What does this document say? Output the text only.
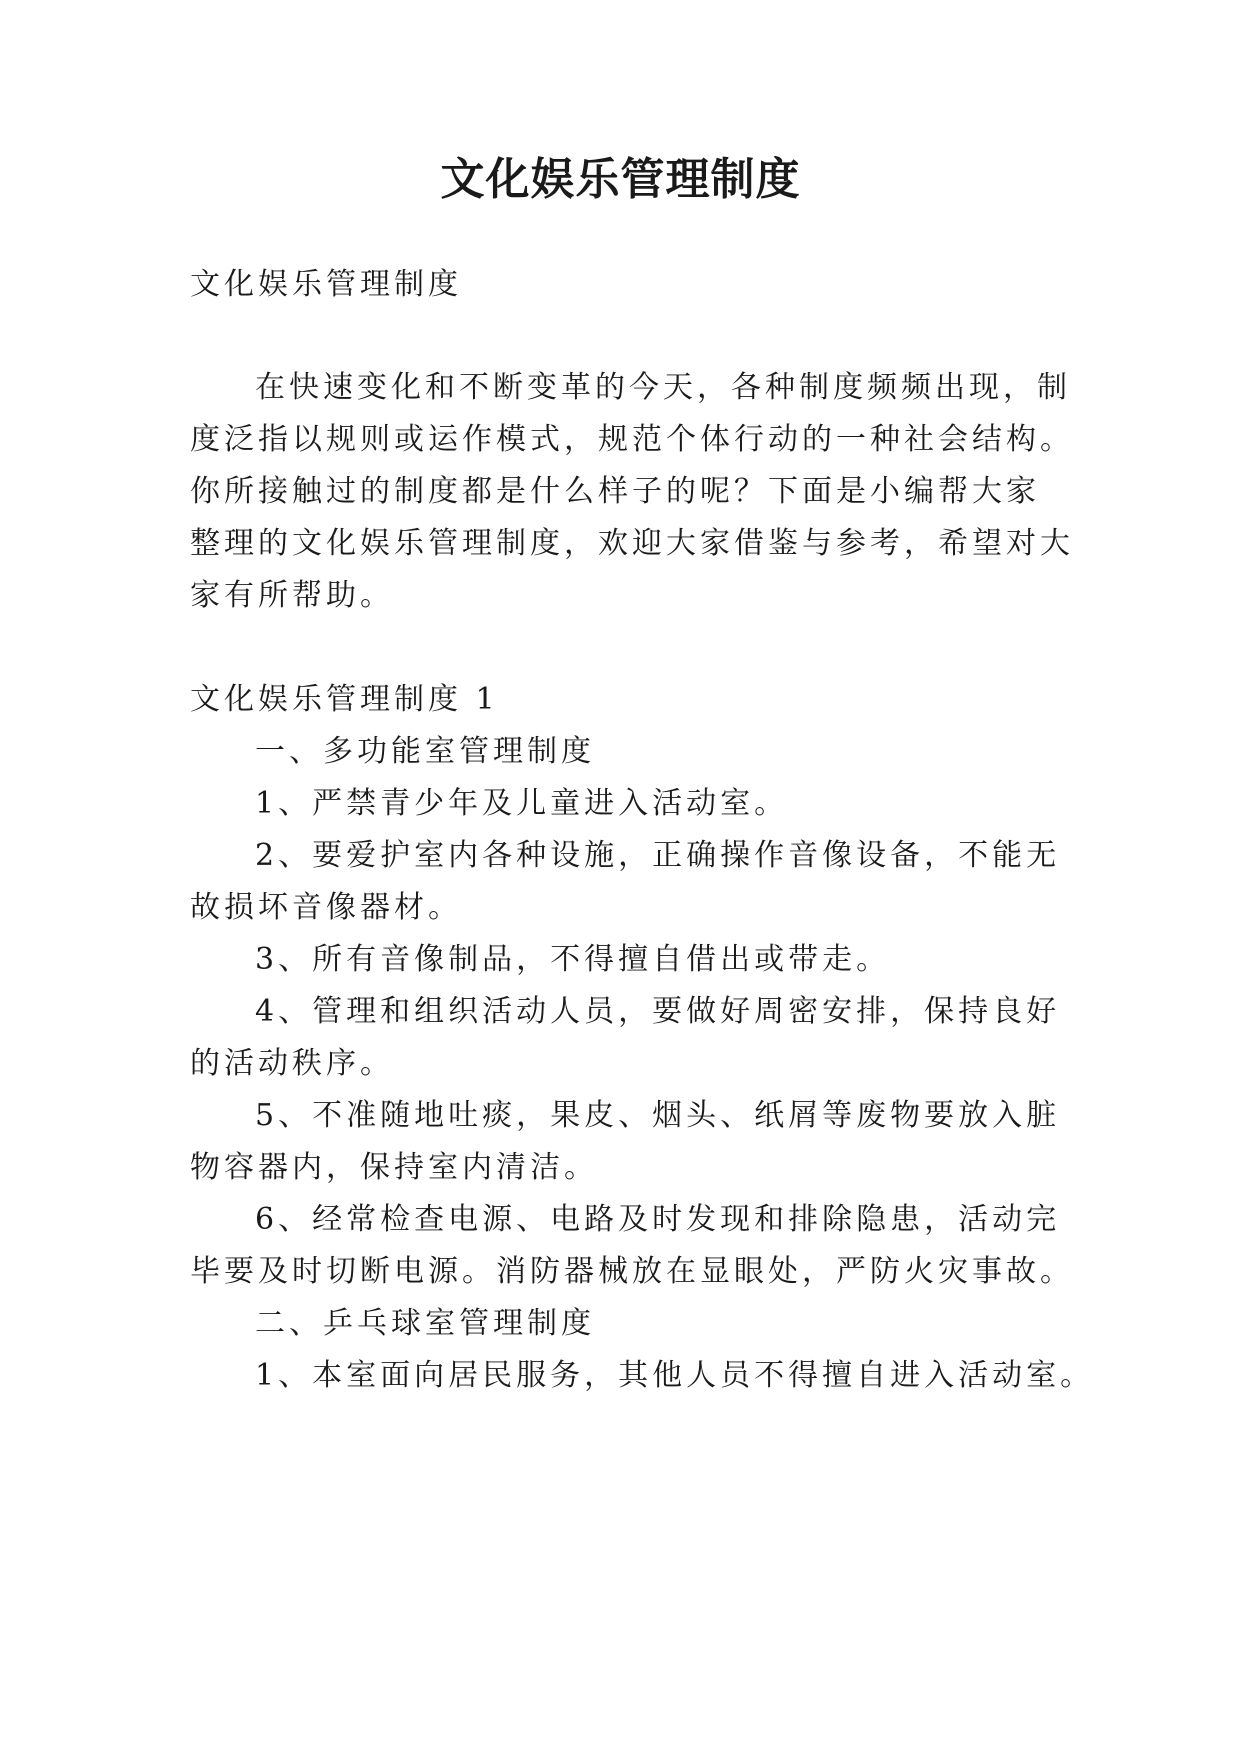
文化娱乐管理制度

文化娱乐管理制度

在快速变化和不断变革的今天，各种制度频频出现，制

度泛指以规则或运作模式，规范个体行动的一种社会结构。

你所接触过的制度都是什么样子的呢？下面是小编帮大家

整理的文化娱乐管理制度，欢迎大家借鉴与参考，希望对大

家有所帮助。

文化娱乐管理制度 1

一、多功能室管理制度

1、严禁青少年及儿童进入活动室。

2、要爱护室内各种设施，正确操作音像设备，不能无

故损坏音像器材。

3、所有音像制品，不得擅自借出或带走。

4、管理和组织活动人员，要做好周密安排，保持良好

的活动秩序。

5、不准随地吐痰，果皮、烟头、纸屑等废物要放入脏

物容器内，保持室内清洁。

6、经常检查电源、电路及时发现和排除隐患，活动完

毕要及时切断电源。消防器械放在显眼处，严防火灾事故。

二、乒乓球室管理制度

1、本室面向居民服务，其他人员不得擅自进入活动室。
